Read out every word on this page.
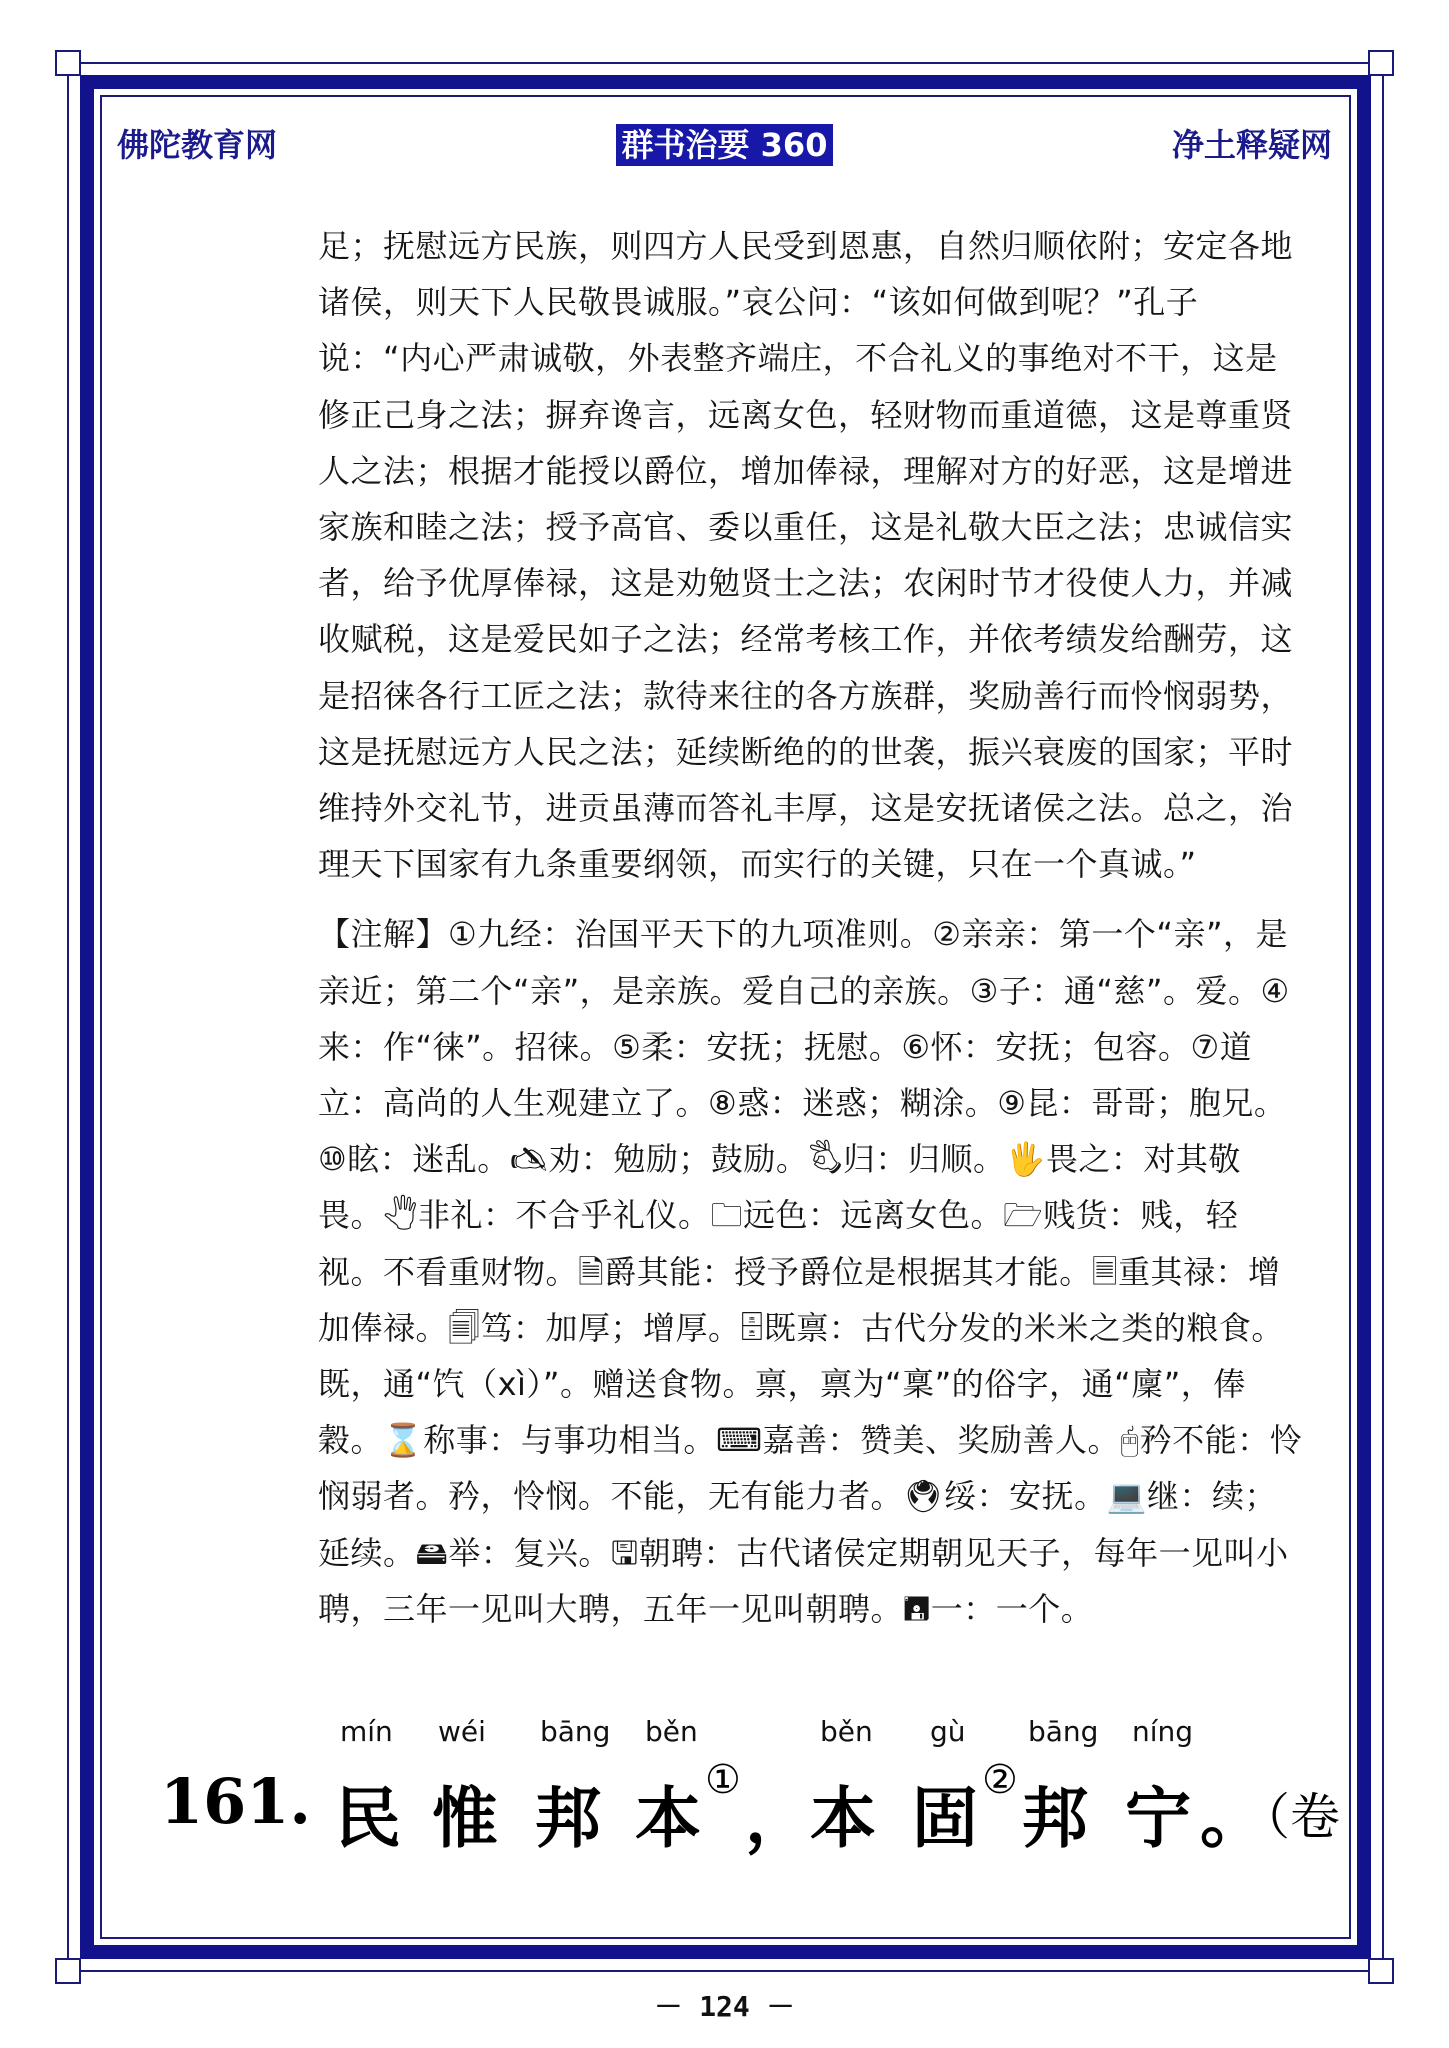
佛陀教育网	群书治要 360	净土释疑网

足；抚慰远方民族，则四方人民受到恩惠，自然归顺依附；安定各地诸侯，则天下人民敬畏诚服。”哀公问：“该如何做到呢？”孔子说：“内心严肃诚敬，外表整齐端庄，不合礼义的事绝对不干，这是修正己身之法；摒弃谗言，远离女色，轻财物而重道德，这是尊重贤人之法；根据才能授以爵位，增加俸禄，理解对方的好恶，这是增进家族和睦之法；授予高官、委以重任，这是礼敬大臣之法；忠诚信实者，给予优厚俸禄，这是劝勉贤士之法；农闲时节才役使人力，并减收赋税，这是爱民如子之法；经常考核工作，并依考绩发给酬劳，这是招徕各行工匠之法；款待来往的各方族群，奖励善行而怜悯弱势，这是抚慰远方人民之法；延续断绝的的世袭，振兴衰废的国家；平时维持外交礼节，进贡虽薄而答礼丰厚，这是安抚诸侯之法。总之，治理天下国家有九条重要纲领，而实行的关键，只在一个真诚。”

【注解】①九经：治国平天下的九项准则。②亲亲：第一个“亲”，是亲近；第二个“亲”，是亲族。爱自己的亲族。③子：通“慈”。爱。④来：作“徕”。招徕。⑤柔：安抚；抚慰。⑥怀：安抚；包容。⑦道立：高尚的人生观建立了。⑧惑：迷惑；糊涂。⑨昆：哥哥；胞兄。 ⑩眩：迷乱。🖎劝：勉励；鼓励。🖏归：归顺。🖐畏之：对其敬畏。🖑非礼：不合乎礼仪。🗀远色：远离女色。🗁贱货：贱，轻视。不看重财物。🗎爵其能：授予爵位是根据其才能。🗏重其禄：增加俸禄。🗐笃：加厚；增厚。🗄既禀：古代分发的米米之类的粮食。既，通“饩（xì）”。赠送食物。禀，禀为“稟”的俗字，通“廩”，俸穀。⌛称事：与事功相当。⌨嘉善：赞美、奖励善人。🖰矜不能：怜悯弱者。矜，怜悯。不能，无有能力者。🖲绥：安抚。💻继：续；延续。🖴举：复兴。🖫朝聘：古代诸侯定期朝见天子，每年一见叫小聘，三年一见叫大聘，五年一见叫朝聘。🖪一：一个。

161.
mín
民
wéi
惟
bāng
邦
běn
本 ① ，
běn
本
gù
固 ②
bāng
邦
níng
宁 。
（卷
－ 124 －
